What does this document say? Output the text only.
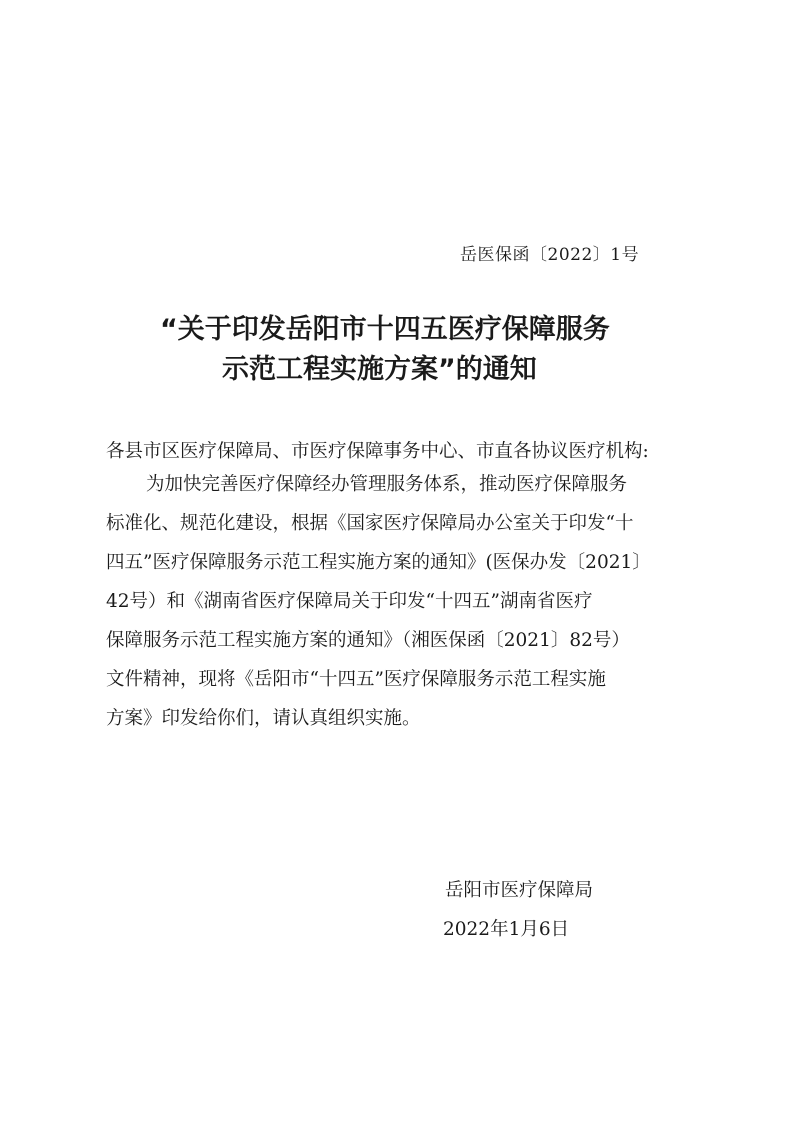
岳医保函〔2022〕1号
“关于印发岳阳市十四五医疗保障服务
示范工程实施方案”的通知
各县市区医疗保障局、市医疗保障事务中心、市直各协议医疗机构:
为加快完善医疗保障经办管理服务体系，推动医疗保障服务
标准化、规范化建设，根据《国家医疗保障局办公室关于印发“十
四五”医疗保障服务示范工程实施方案的通知》(医保办发〔2021〕
42号）和《湖南省医疗保障局关于印发“十四五”湖南省医疗
保障服务示范工程实施方案的通知》（湘医保函〔2021〕82号）
文件精神，现将《岳阳市“十四五”医疗保障服务示范工程实施
方案》印发给你们，请认真组织实施。
岳阳市医疗保障局
2022年1月6日
